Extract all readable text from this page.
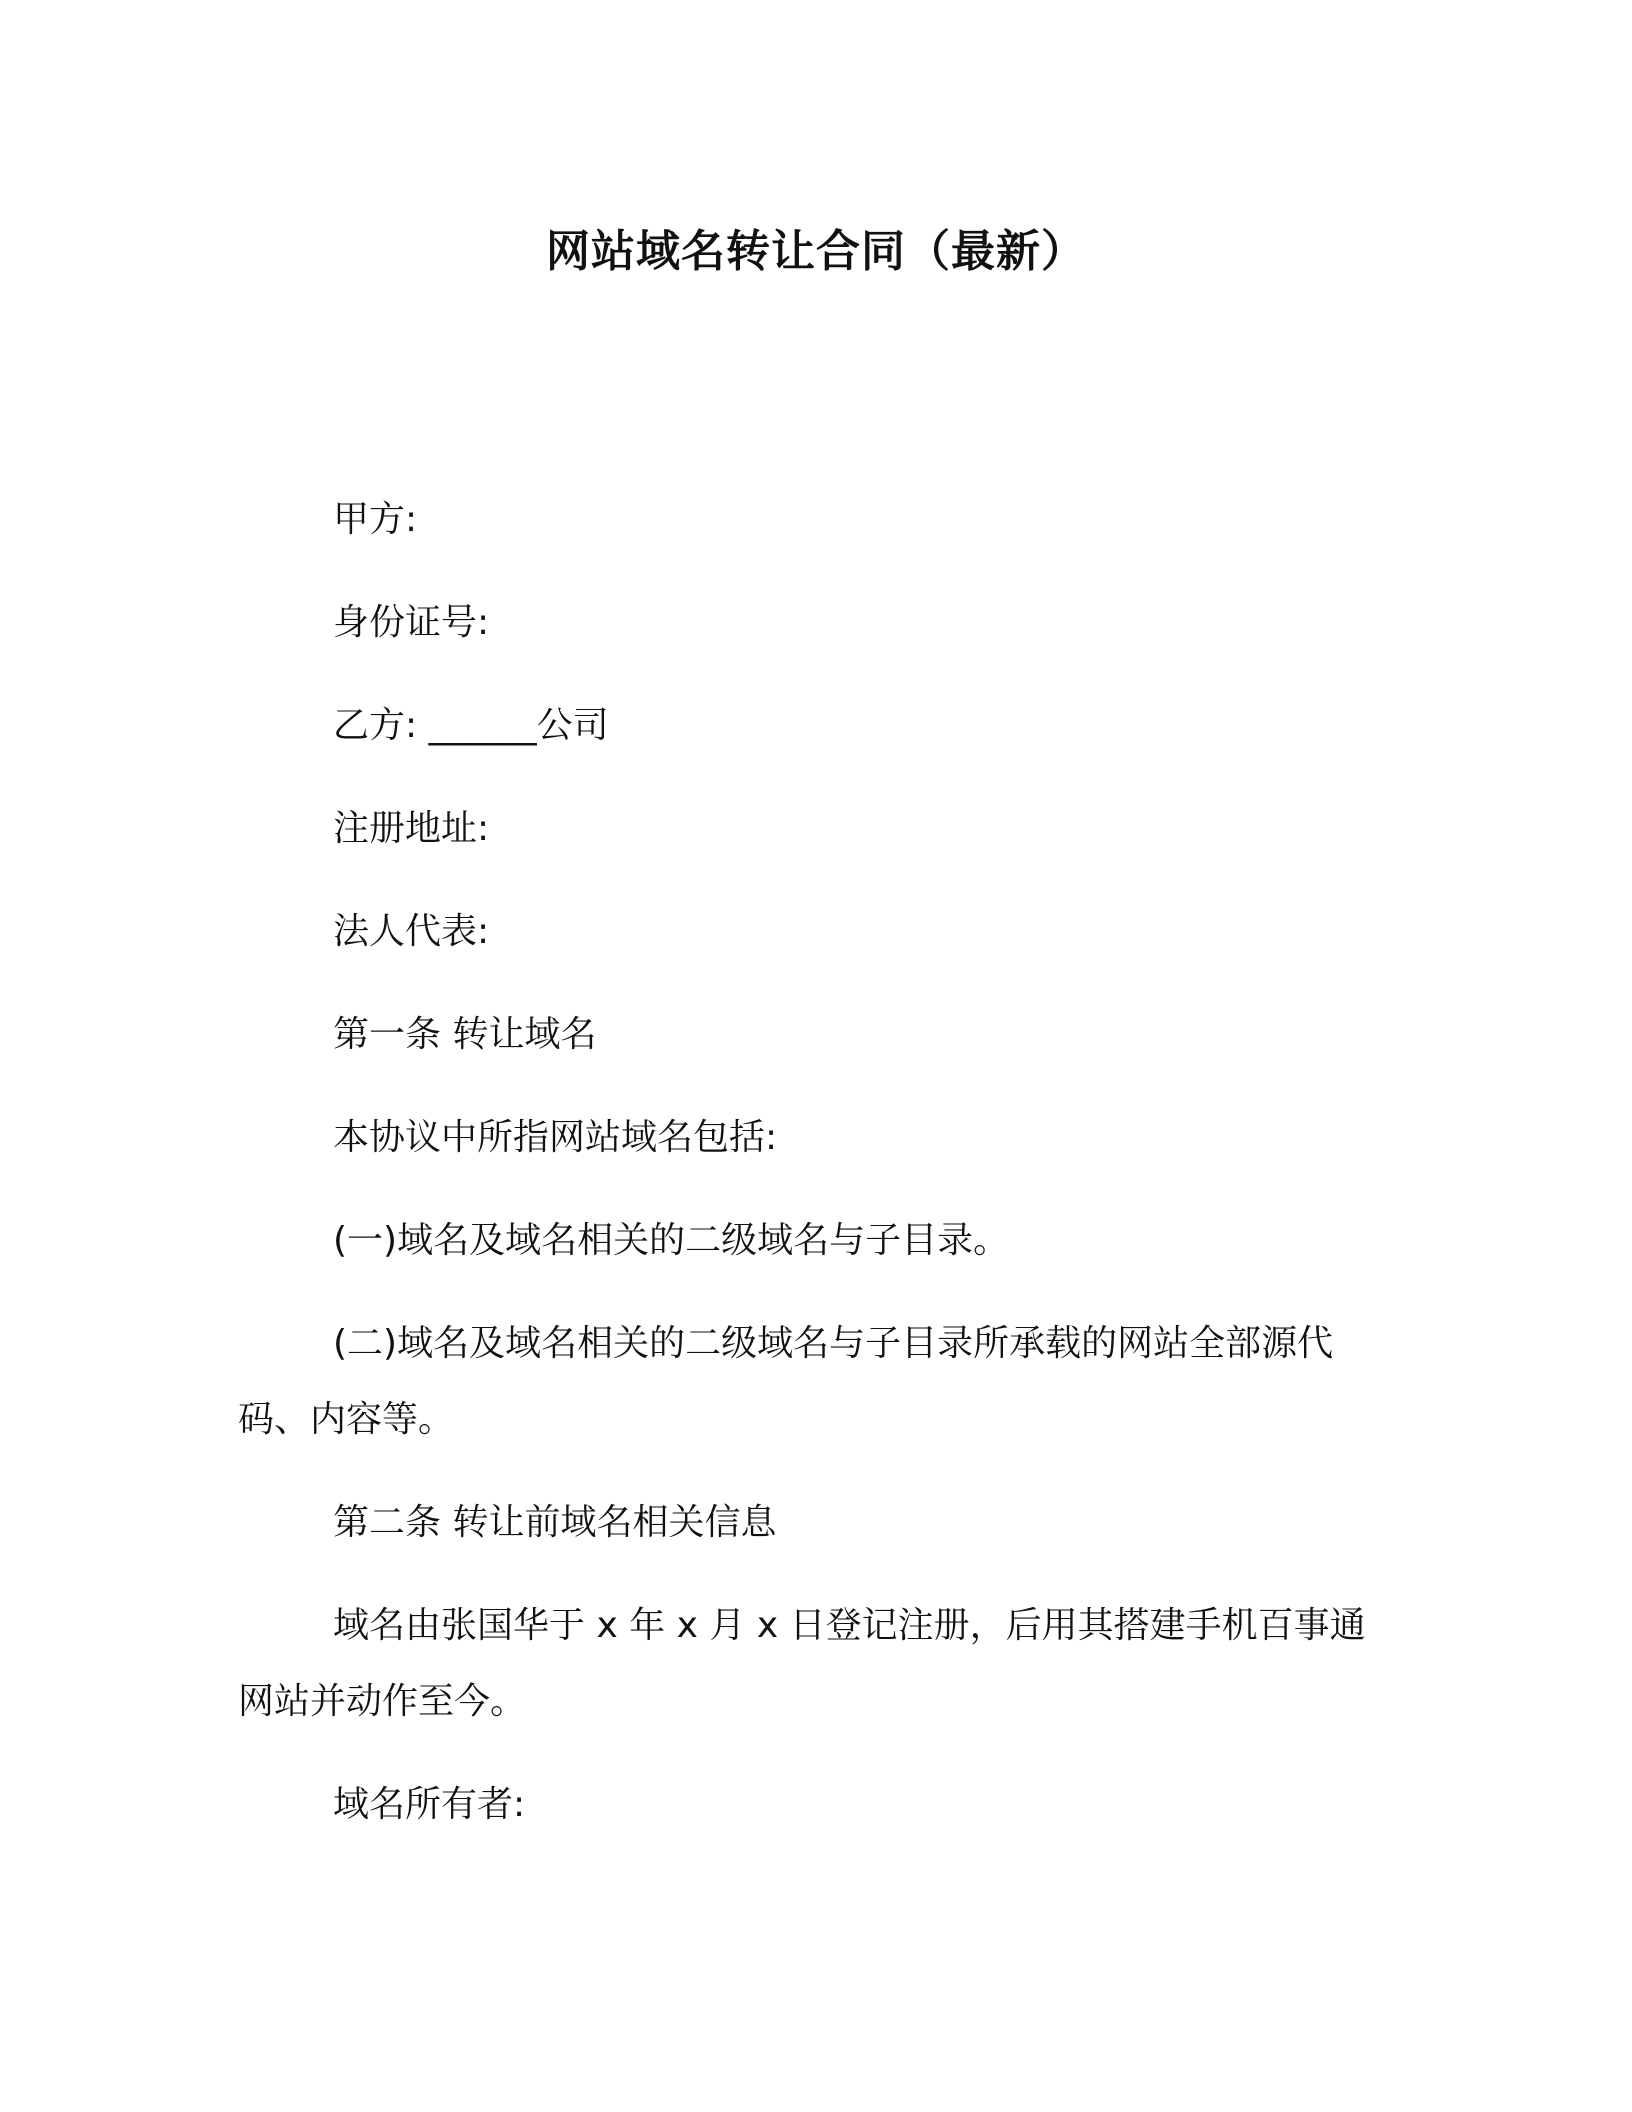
网站域名转让合同（最新）
甲方:
身份证号:
乙方: ______公司
注册地址:
法人代表:
第一条 转让域名
本协议中所指网站域名包括:
(一)域名及域名相关的二级域名与子目录。
(二)域名及域名相关的二级域名与子目录所承载的网站全部源代
码、内容等。
第二条 转让前域名相关信息
域名由张国华于 x 年 x 月 x 日登记注册，后用其搭建手机百事通
网站并动作至今。
域名所有者:
